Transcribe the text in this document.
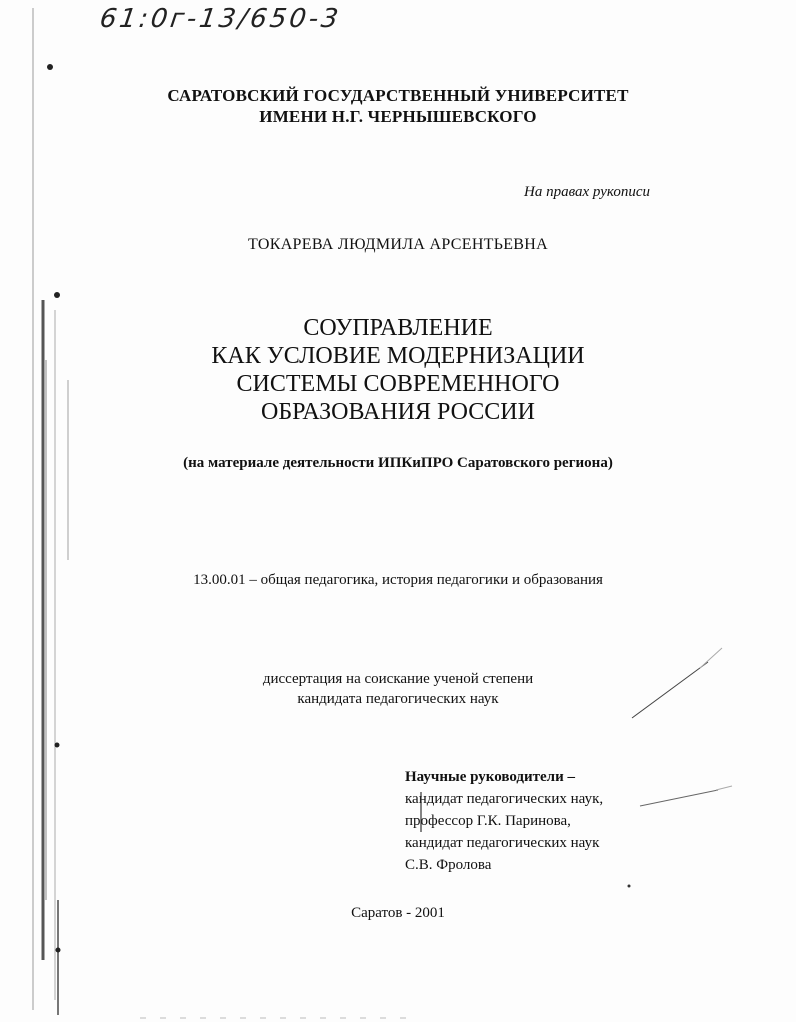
61:0г-13/650-3
САРАТОВСКИЙ ГОСУДАРСТВЕННЫЙ УНИВЕРСИТЕТ
ИМЕНИ Н.Г. ЧЕРНЫШЕВСКОГО
На правах рукописи
ТОКАРЕВА ЛЮДМИЛА АРСЕНТЬЕВНА
СОУПРАВЛЕНИЕ
КАК УСЛОВИЕ МОДЕРНИЗАЦИИ
СИСТЕМЫ СОВРЕМЕННОГО
ОБРАЗОВАНИЯ РОССИИ
(на материале деятельности ИПКиПРО Саратовского региона)
13.00.01 – общая педагогика, история педагогики и образования
диссертация на соискание ученой степени
кандидата педагогических наук
Научные руководители –
кандидат педагогических наук,
профессор Г.К. Паринова,
кандидат педагогических наук
С.В. Фролова
Саратов - 2001
